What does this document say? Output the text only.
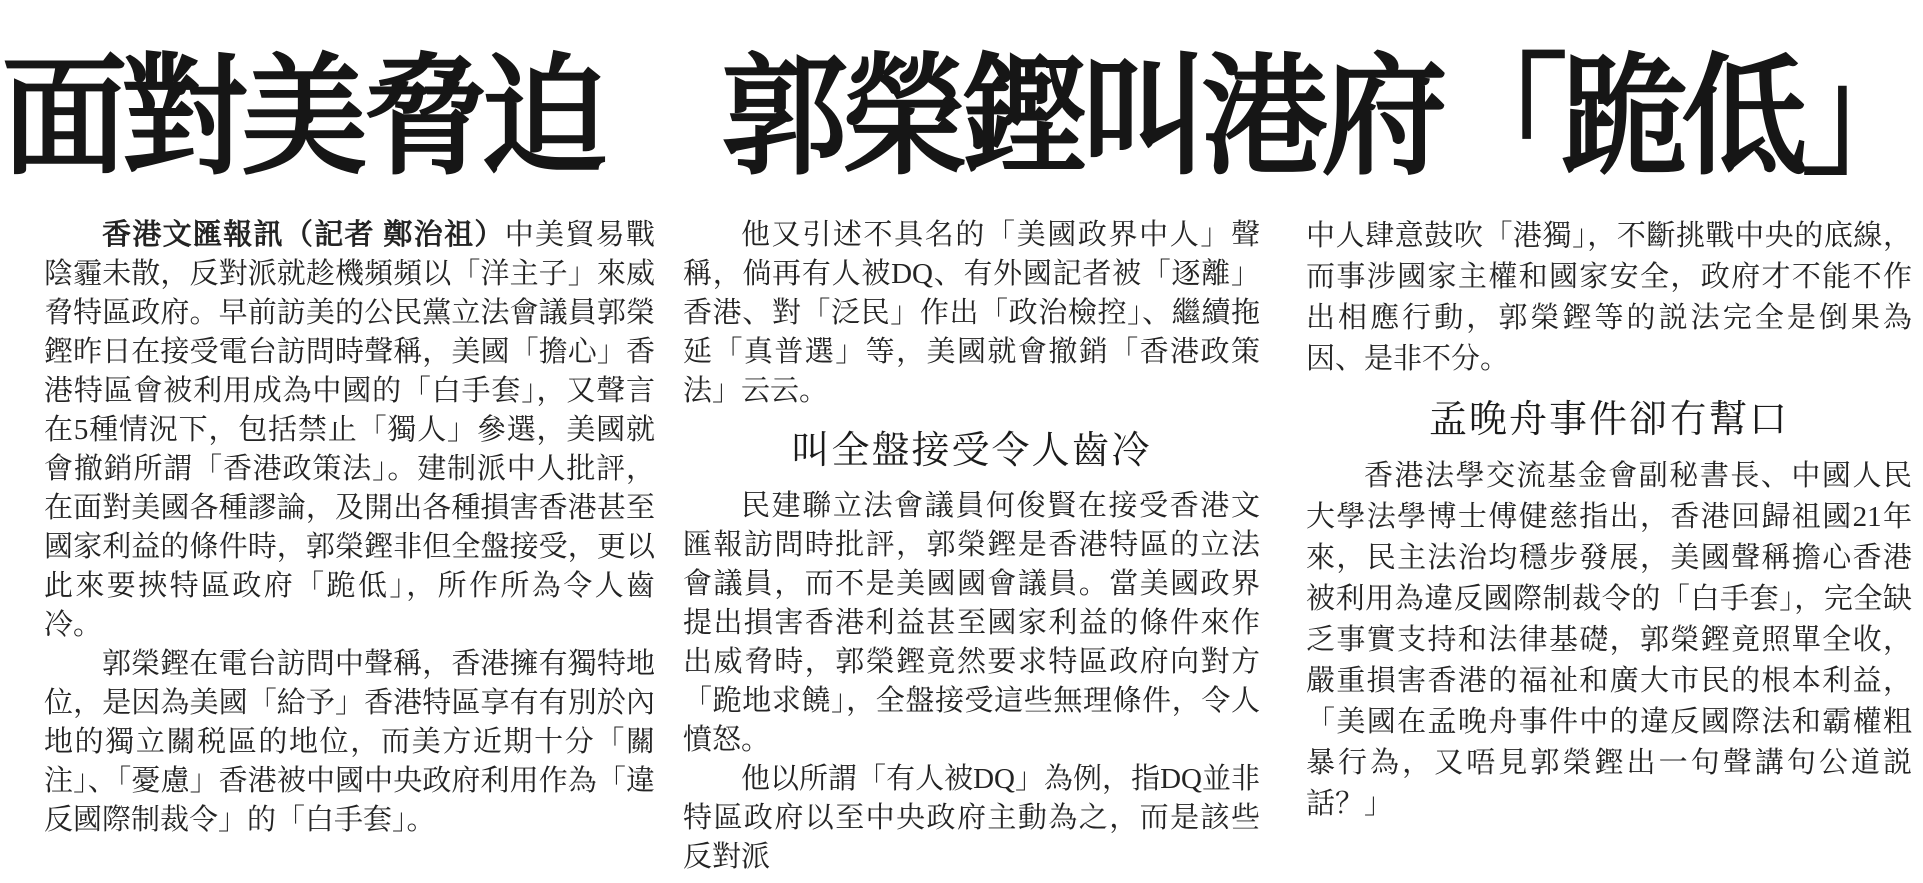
面對美脅迫　郭榮鏗叫港府「跪低」

香港文匯報訊（記者 鄭治祖）中美貿易戰陰霾未散，反對派就趁機頻頻以「洋主子」來威脅特區政府。早前訪美的公民黨立法會議員郭榮鏗昨日在接受電台訪問時聲稱，美國「擔心」香港特區會被利用成為中國的「白手套」，又聲言在5種情況下，包括禁止「獨人」參選，美國就會撤銷所謂「香港政策法」。建制派中人批評，在面對美國各種謬論，及開出各種損害香港甚至國家利益的條件時，郭榮鏗非但全盤接受，更以此來要挾特區政府「跪低」，所作所為令人齒冷。

郭榮鏗在電台訪問中聲稱，香港擁有獨特地位，是因為美國「給予」香港特區享有有別於內地的獨立關税區的地位，而美方近期十分「關注」、「憂慮」香港被中國中央政府利用作為「違反國際制裁令」的「白手套」。

他又引述不具名的「美國政界中人」聲稱，倘再有人被DQ、有外國記者被「逐離」香港、對「泛民」作出「政治檢控」、繼續拖延「真普選」等，美國就會撤銷「香港政策法」云云。

叫全盤接受令人齒冷

民建聯立法會議員何俊賢在接受香港文匯報訪問時批評，郭榮鏗是香港特區的立法會議員，而不是美國國會議員。當美國政界提出損害香港利益甚至國家利益的條件來作出威脅時，郭榮鏗竟然要求特區政府向對方「跪地求饒」，全盤接受這些無理條件，令人憤怒。

他以所謂「有人被DQ」為例，指DQ並非特區政府以至中央政府主動為之，而是該些反對派

中人肆意鼓吹「港獨」，不斷挑戰中央的底線，而事涉國家主權和國家安全，政府才不能不作出相應行動，郭榮鏗等的説法完全是倒果為因、是非不分。

孟晚舟事件卻冇幫口

香港法學交流基金會副秘書長、中國人民大學法學博士傅健慈指出，香港回歸祖國21年來，民主法治均穩步發展，美國聲稱擔心香港被利用為違反國際制裁令的「白手套」，完全缺乏事實支持和法律基礎，郭榮鏗竟照單全收，嚴重損害香港的福祉和廣大市民的根本利益，「美國在孟晚舟事件中的違反國際法和霸權粗暴行為，又唔見郭榮鏗出一句聲講句公道説話？」
